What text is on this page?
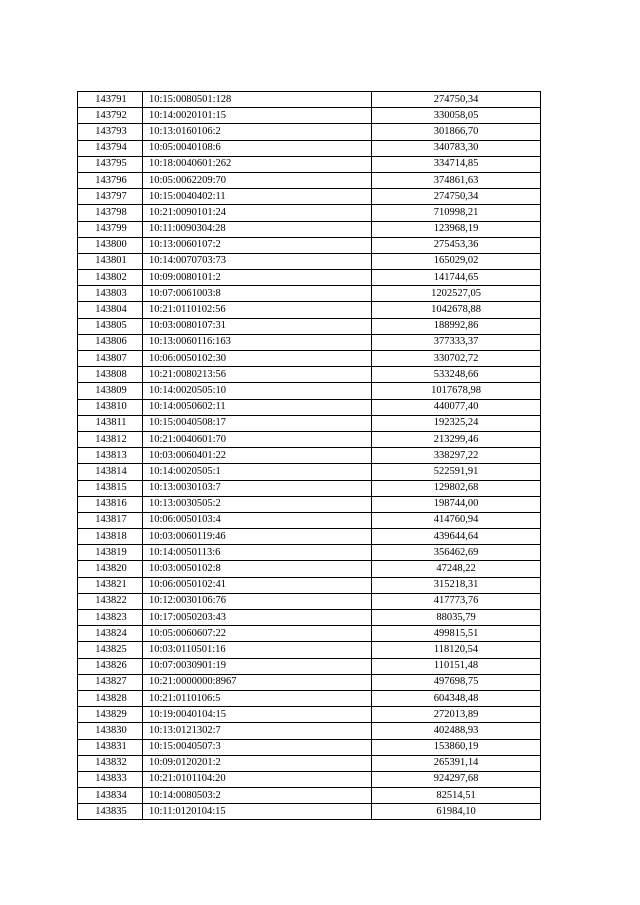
143791	10:15:0080501:128	274750,34
143792	10:14:0020101:15	330058,05
143793	10:13:0160106:2	301866,70
143794	10:05:0040108:6	340783,30
143795	10:18:0040601:262	334714,85
143796	10:05:0062209:70	374861,63
143797	10:15:0040402:11	274750,34
143798	10:21:0090101:24	710998,21
143799	10:11:0090304:28	123968,19
143800	10:13:0060107:2	275453,36
143801	10:14:0070703:73	165029,02
143802	10:09:0080101:2	141744,65
143803	10:07:0061003:8	1202527,05
143804	10:21:0110102:56	1042678,88
143805	10:03:0080107:31	188992,86
143806	10:13:0060116:163	377333,37
143807	10:06:0050102:30	330702,72
143808	10:21:0080213:56	533248,66
143809	10:14:0020505:10	1017678,98
143810	10:14:0050602:11	440077,40
143811	10:15:0040508:17	192325,24
143812	10:21:0040601:70	213299,46
143813	10:03:0060401:22	338297,22
143814	10:14:0020505:1	522591,91
143815	10:13:0030103:7	129802,68
143816	10:13:0030505:2	198744,00
143817	10:06:0050103:4	414760,94
143818	10:03:0060119:46	439644,64
143819	10:14:0050113:6	356462,69
143820	10:03:0050102:8	47248,22
143821	10:06:0050102:41	315218,31
143822	10:12:0030106:76	417773,76
143823	10:17:0050203:43	88035,79
143824	10:05:0060607:22	499815,51
143825	10:03:0110501:16	118120,54
143826	10:07:0030901:19	110151,48
143827	10:21:0000000:8967	497698,75
143828	10:21:0110106:5	604348,48
143829	10:19:0040104:15	272013,89
143830	10:13:0121302:7	402488,93
143831	10:15:0040507:3	153860,19
143832	10:09:0120201:2	265391,14
143833	10:21:0101104:20	924297,68
143834	10:14:0080503:2	82514,51
143835	10:11:0120104:15	61984,10
